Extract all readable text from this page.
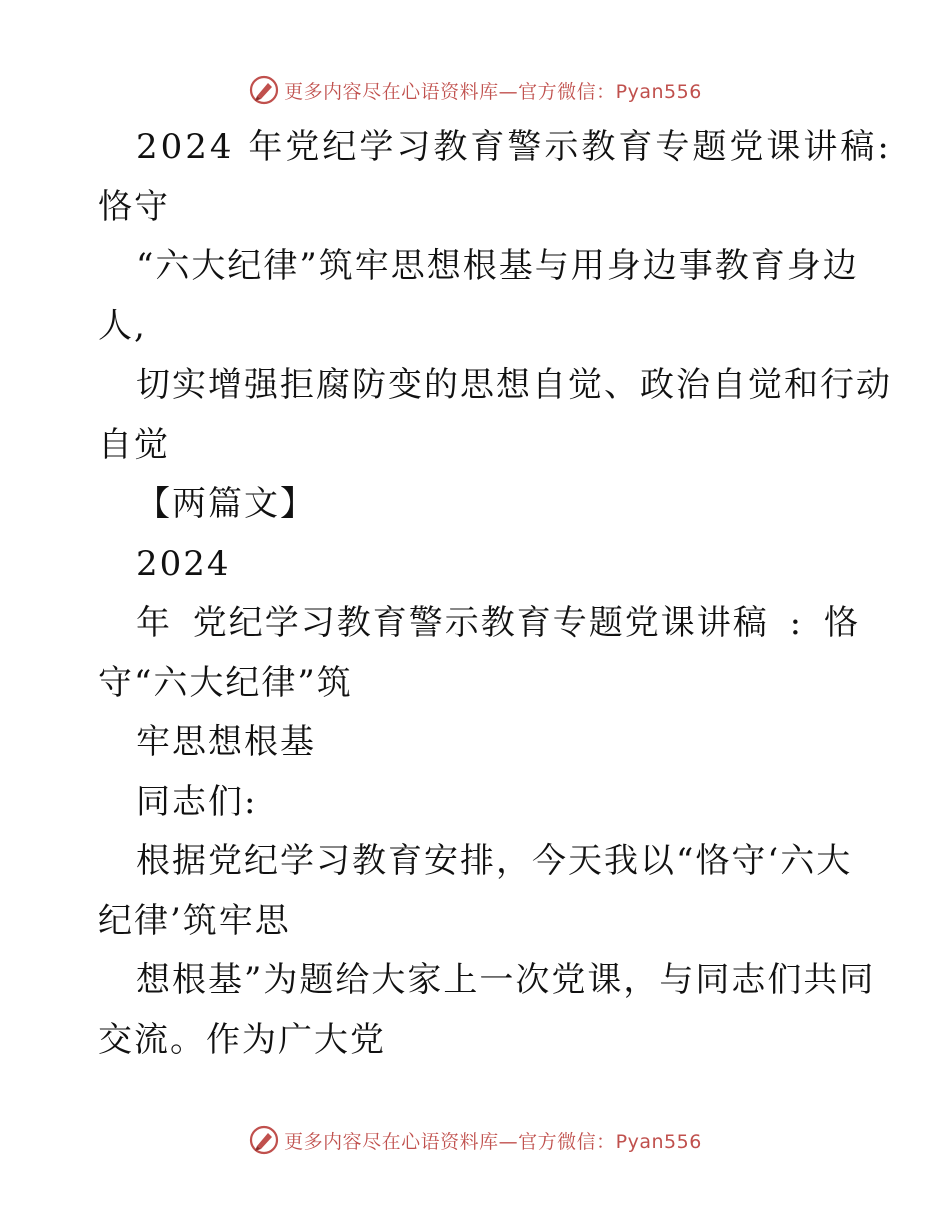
更多内容尽在心语资料库—官方微信：Pyan556

2024 年党纪学习教育警示教育专题党课讲稿:

恪守

“六大纪律”筑牢思想根基与用身边事教育身边

人,

切实增强拒腐防变的思想自觉、政治自觉和行动

自觉

【两篇文】

2024

年 党纪学习教育警示教育专题党课讲稿 : 恪

守“六大纪律”筑

牢思想根基

同志们:

根据党纪学习教育安排，今天我以“恪守‘六大

纪律’筑牢思

想根基”为题给大家上一次党课，与同志们共同

交流。作为广大党

更多内容尽在心语资料库—官方微信：Pyan556
